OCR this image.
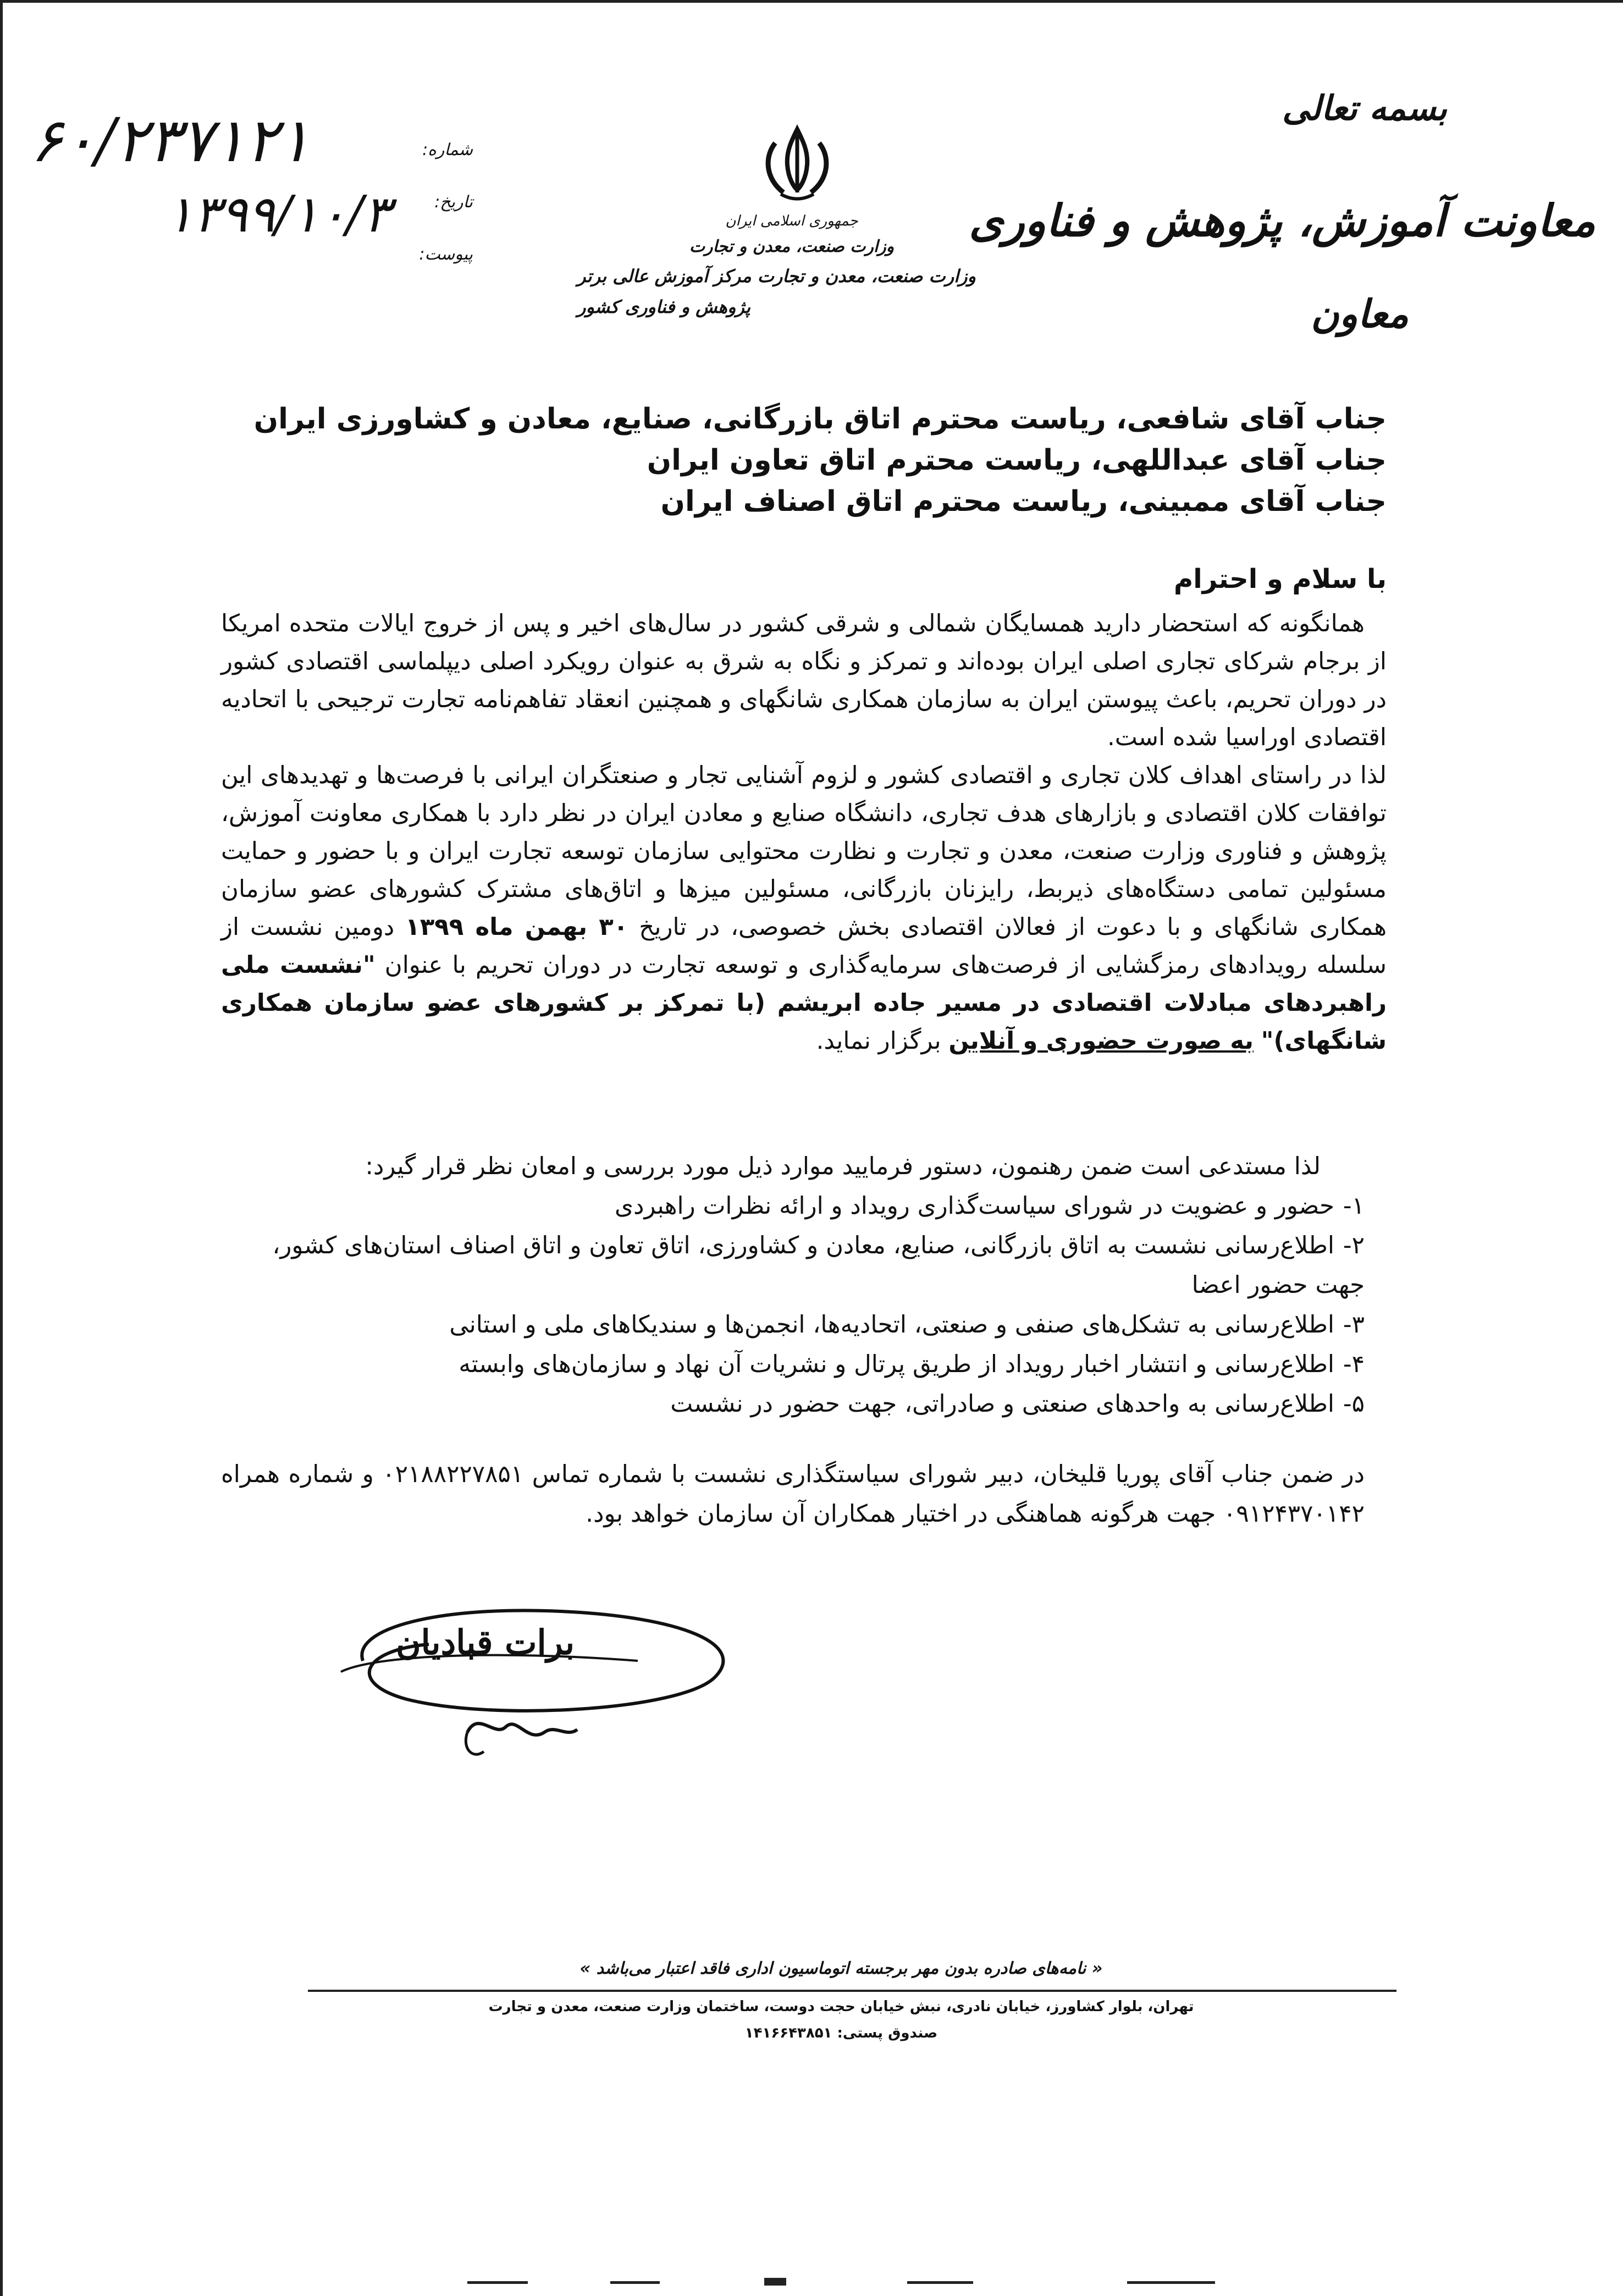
۶۰/۲۳۷۱۲۱
۱۳۹۹/۱۰/۳
شماره:
تاریخ:
پیوست:
جمهوری اسلامی ایران
وزارت صنعت، معدن و تجارت
وزارت صنعت، معدن و تجارت مرکز آموزش عالی برتر پژوهش و فناوری کشور
بسمه تعالی
معاونت آموزش، پژوهش و فناوری
معاون
جناب آقای شافعی، ریاست محترم اتاق بازرگانی، صنایع، معادن و کشاورزی ایران
جناب آقای عبداللهی، ریاست محترم اتاق تعاون ایران
جناب آقای ممبینی، ریاست محترم اتاق اصناف ایران
با سلام و احترام

همانگونه که استحضار دارید همسایگان شمالی و شرقی کشور در سال‌های اخیر و پس از خروج ایالات متحده امریکا از برجام شرکای تجاری اصلی ایران بوده‌اند و تمرکز و نگاه به شرق به عنوان رویکرد اصلی دیپلماسی اقتصادی کشور در دوران تحریم، باعث پیوستن ایران به سازمان همکاری شانگهای و همچنین انعقاد تفاهم‌نامه تجارت ترجیحی با اتحادیه اقتصادی اوراسیا شده است.

لذا در راستای اهداف کلان تجاری و اقتصادی کشور و لزوم آشنایی تجار و صنعتگران ایرانی با فرصت‌ها و تهدیدهای این توافقات کلان اقتصادی و بازارهای هدف تجاری، دانشگاه صنایع و معادن ایران در نظر دارد با همکاری معاونت آموزش، پژوهش و فناوری وزارت صنعت، معدن و تجارت و نظارت محتوایی سازمان توسعه تجارت ایران و با حضور و حمایت مسئولین تمامی دستگاه‌های ذیربط، رایزنان بازرگانی، مسئولین میزها و اتاق‌های مشترک کشورهای عضو سازمان همکاری شانگهای و با دعوت از فعالان اقتصادی بخش خصوصی، در تاریخ ۳۰ بهمن ماه ۱۳۹۹ دومین نشست از سلسله رویدادهای رمزگشایی از فرصت‌های سرمایه‌گذاری و توسعه تجارت در دوران تحریم با عنوان "نشست ملی راهبردهای مبادلات اقتصادی در مسیر جاده ابریشم (با تمرکز بر کشورهای عضو سازمان همکاری شانگهای)" به صورت حضوری و آنلاین برگزار نماید.

لذا مستدعی است ضمن رهنمون، دستور فرمایید موارد ذیل مورد بررسی و امعان نظر قرار گیرد:
۱-حضور و عضویت در شورای سیاست‌گذاری رویداد و ارائه نظرات راهبردی
۲-اطلاع‌رسانی نشست به اتاق بازرگانی، صنایع، معادن و کشاورزی، اتاق تعاون و اتاق اصناف استان‌های کشور، جهت حضور اعضا
۳-اطلاع‌رسانی به تشکل‌های صنفی و صنعتی، اتحادیه‌ها، انجمن‌ها و سندیکاهای ملی و استانی
۴-اطلاع‌رسانی و انتشار اخبار رویداد از طریق پرتال و نشریات آن نهاد و سازمان‌های وابسته
۵-اطلاع‌رسانی به واحدهای صنعتی و صادراتی، جهت حضور در نشست

در ضمن جناب آقای پوریا قلیخان، دبیر شورای سیاستگذاری نشست با شماره تماس ۰۲۱۸۸۲۲۷۸۵۱ و شماره همراه ۰۹۱۲۴۳۷۰۱۴۲ جهت هرگونه هماهنگی در اختیار همکاران آن سازمان خواهد بود.

برات قبادیان
« نامه‌های صادره بدون مهر برجسته اتوماسیون اداری فاقد اعتبار می‌باشد »
تهران، بلوار کشاورز، خیابان نادری، نبش خیابان حجت دوست، ساختمان وزارت صنعت، معدن و تجارت
صندوق پستی: ۱۴۱۶۶۴۳۸۵۱
